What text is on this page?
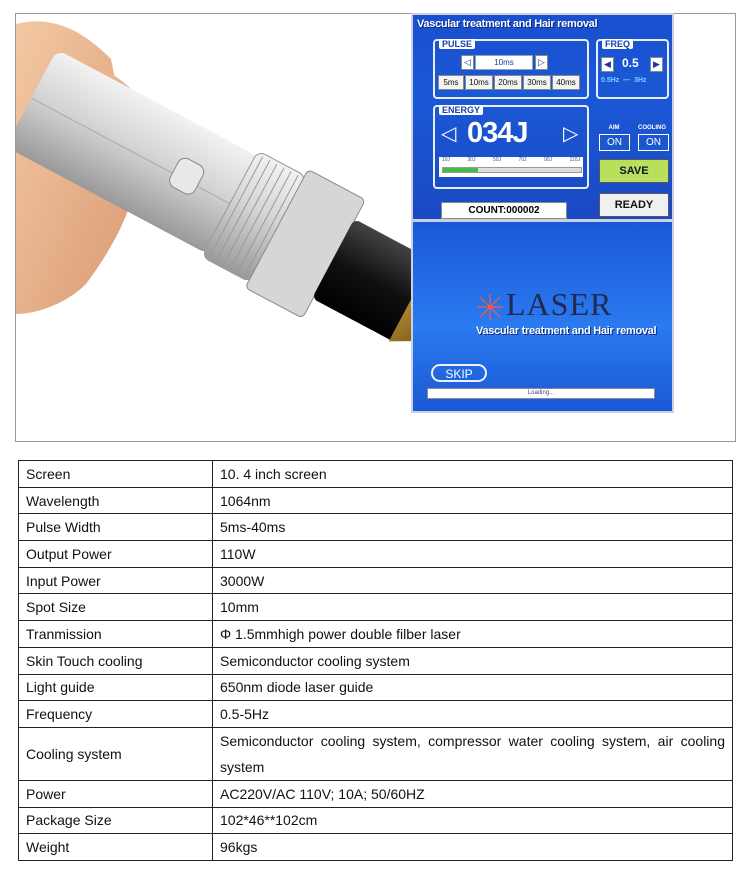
Vascular treatment and Hair removal
PULSE
◁	10ms	▷
5ms	10ms	20ms	30ms	40ms
FREQ
◀ 0.5	▶
0.5Hz  —  3Hz
ENERGY
◁ 034J ▷
10J	30J	50J	70J	90J	110J
COUNT:000002
AIM
ON
COOLING
ON
SAVE
READY
LASER
Vascular treatment and Hair removal
SKIP
Loading...
Screen	10. 4 inch screen
Wavelength	1064nm
Pulse Width	5ms-40ms
Output Power	110W
Input Power	3000W
Spot Size	10mm
Tranmission	Φ 1.5mmhigh power double filber laser
Skin Touch cooling	Semiconductor cooling system
Light guide	650nm diode laser guide
Frequency	0.5-5Hz
Cooling system	Semiconductor cooling system, compressor water cooling system, air cooling system
Power	AC220V/AC 110V; 10A; 50/60HZ
Package Size	102*46**102cm
Weight	96kgs
